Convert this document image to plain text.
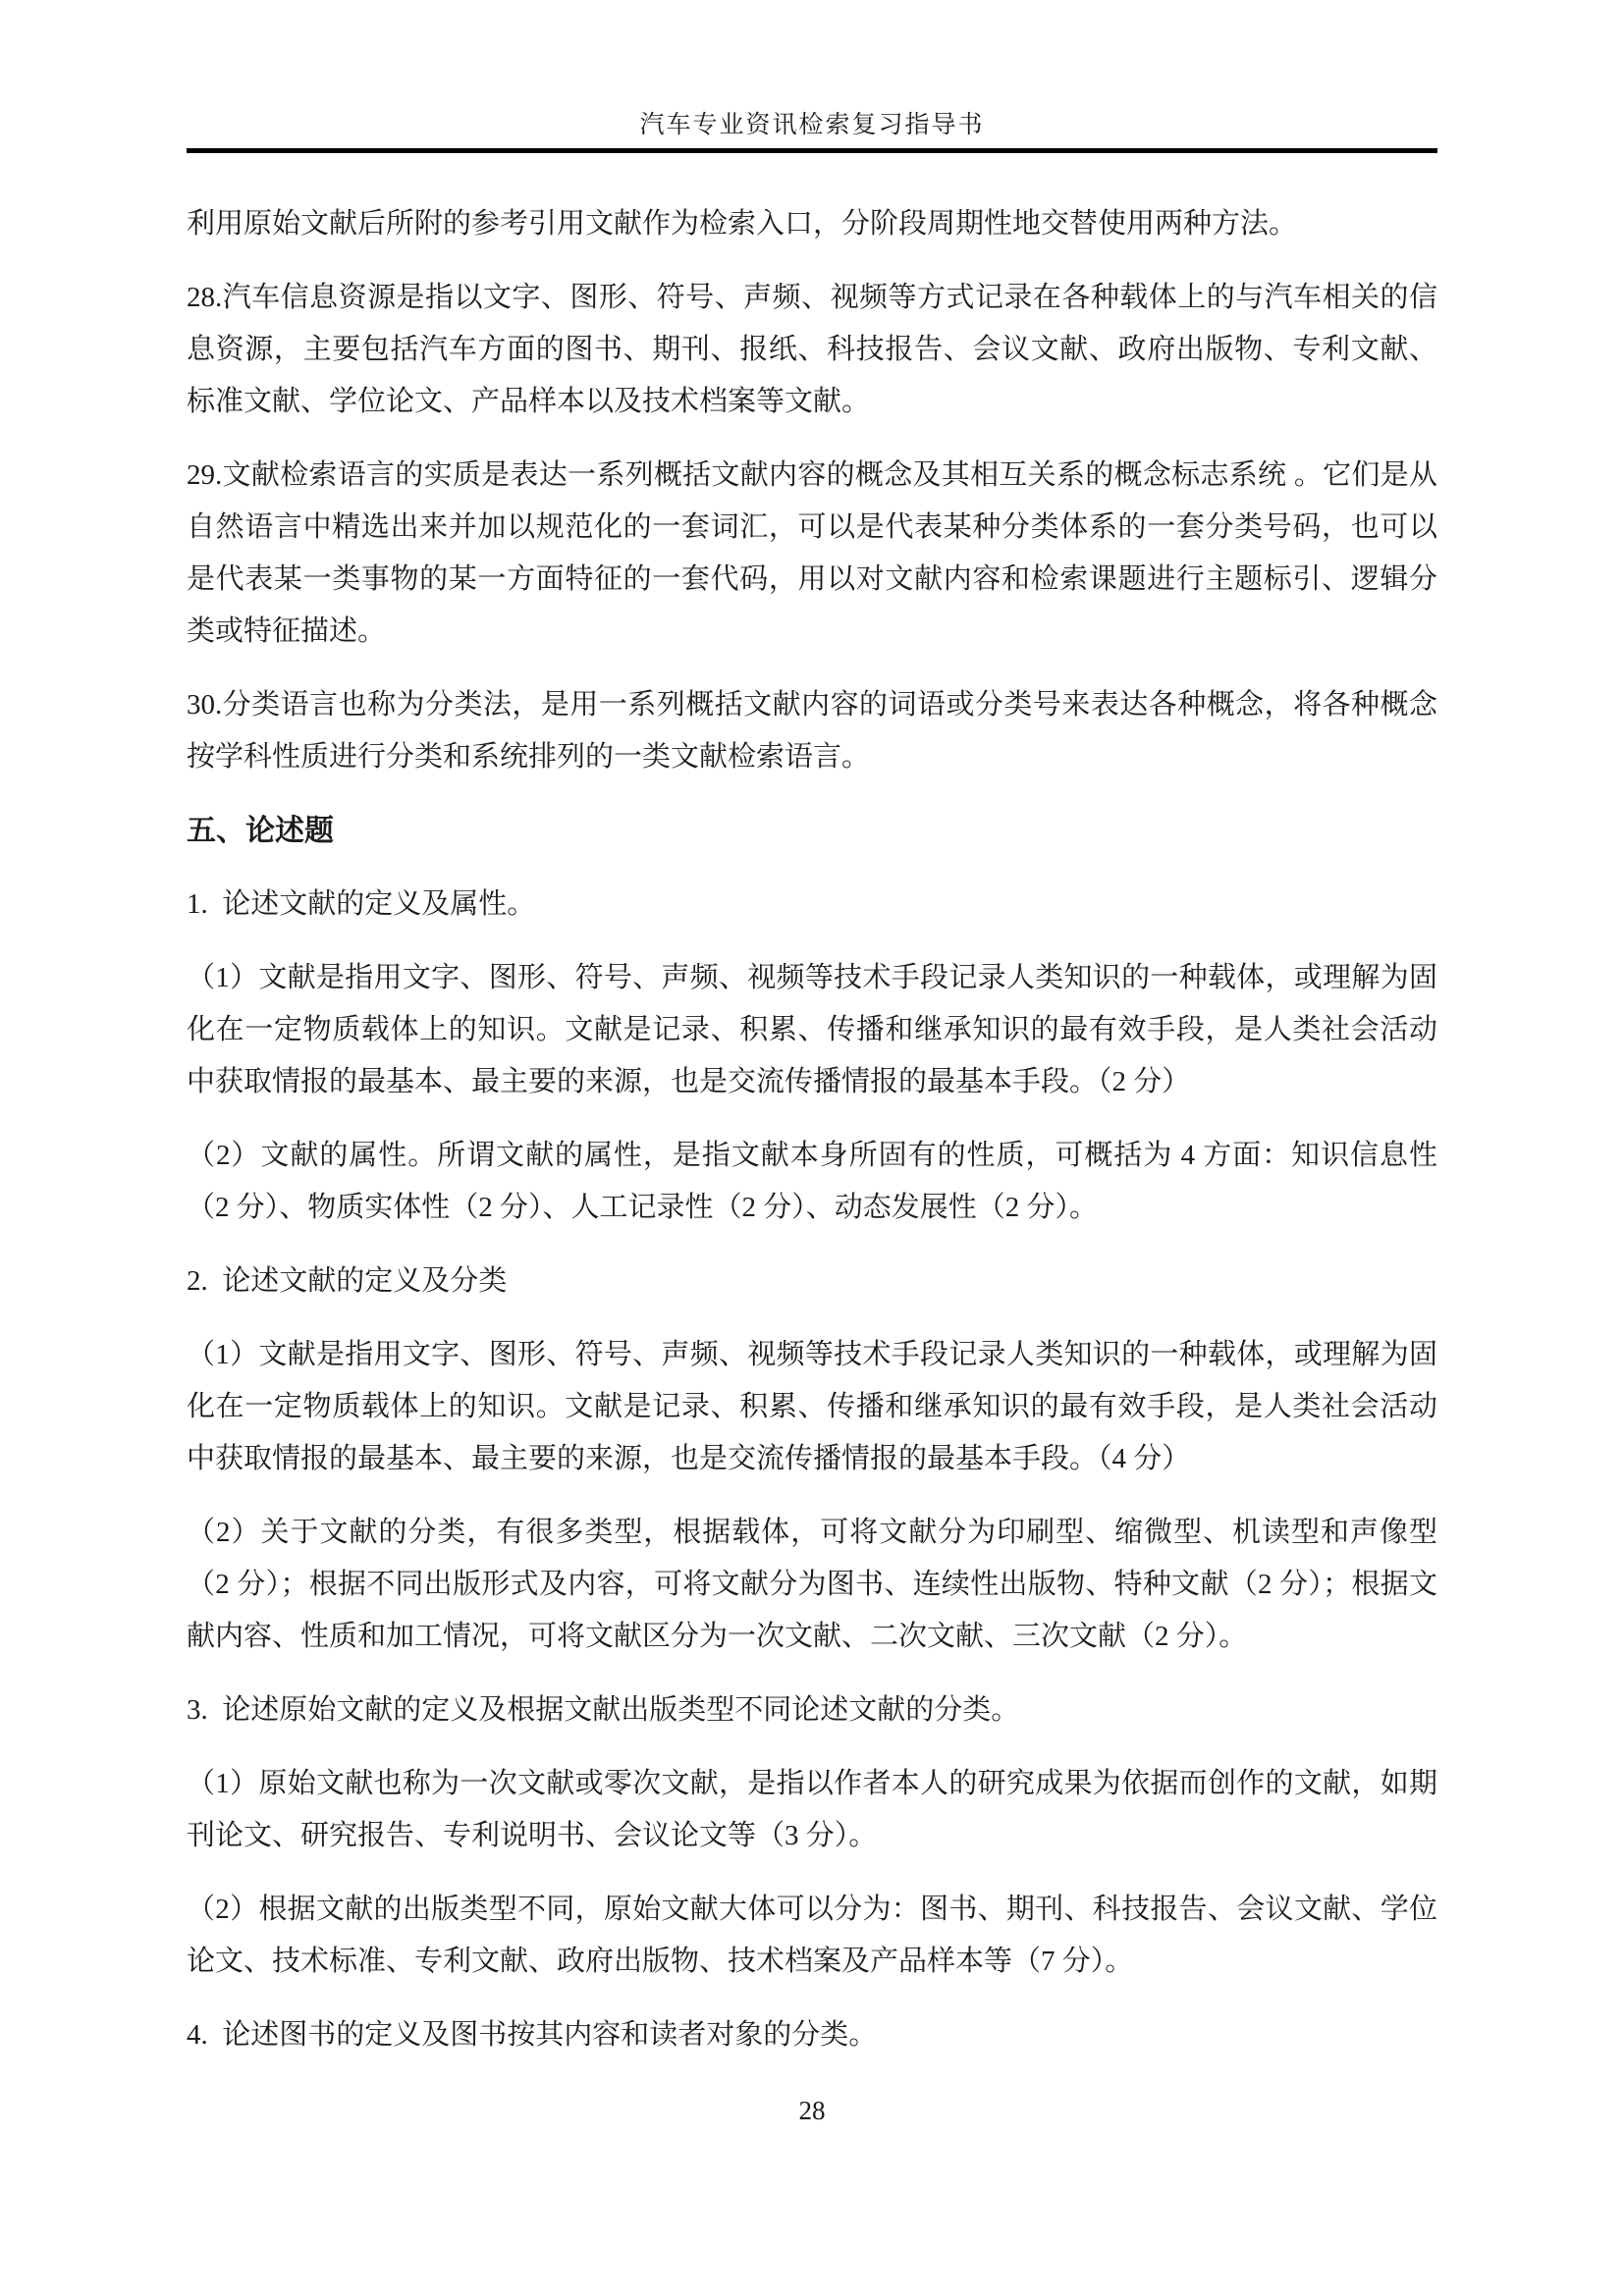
汽车专业资讯检索复习指导书

利用原始文献后所附的参考引用文献作为检索入口，分阶段周期性地交替使用两种方法。

28.汽车信息资源是指以文字、图形、符号、声频、视频等方式记录在各种载体上的与汽车相关的信息资源，主要包括汽车方面的图书、期刊、报纸、科技报告、会议文献、政府出版物、专利文献、标准文献、学位论文、产品样本以及技术档案等文献。

29.文献检索语言的实质是表达一系列概括文献内容的概念及其相互关系的概念标志系统 。它们是从自然语言中精选出来并加以规范化的一套词汇，可以是代表某种分类体系的一套分类号码，也可以是代表某一类事物的某一方面特征的一套代码，用以对文献内容和检索课题进行主题标引、逻辑分类或特征描述。

30.分类语言也称为分类法，是用一系列概括文献内容的词语或分类号来表达各种概念，将各种概念按学科性质进行分类和系统排列的一类文献检索语言。

五、论述题

1. 论述文献的定义及属性。

（1）文献是指用文字、图形、符号、声频、视频等技术手段记录人类知识的一种载体，或理解为固化在一定物质载体上的知识。文献是记录、积累、传播和继承知识的最有效手段，是人类社会活动中获取情报的最基本、最主要的来源，也是交流传播情报的最基本手段。（2 分）

（2）文献的属性。所谓文献的属性，是指文献本身所固有的性质，可概括为 4 方面：知识信息性（2 分）、物质实体性（2 分）、人工记录性（2 分）、动态发展性（2 分）。

2. 论述文献的定义及分类

（1）文献是指用文字、图形、符号、声频、视频等技术手段记录人类知识的一种载体，或理解为固化在一定物质载体上的知识。文献是记录、积累、传播和继承知识的最有效手段，是人类社会活动中获取情报的最基本、最主要的来源，也是交流传播情报的最基本手段。（4 分）

（2）关于文献的分类，有很多类型，根据载体，可将文献分为印刷型、缩微型、机读型和声像型（2 分）；根据不同出版形式及内容，可将文献分为图书、连续性出版物、特种文献（2 分）；根据文献内容、性质和加工情况，可将文献区分为一次文献、二次文献、三次文献（2 分）。

3. 论述原始文献的定义及根据文献出版类型不同论述文献的分类。

（1）原始文献也称为一次文献或零次文献，是指以作者本人的研究成果为依据而创作的文献，如期刊论文、研究报告、专利说明书、会议论文等（3 分）。

（2）根据文献的出版类型不同，原始文献大体可以分为：图书、期刊、科技报告、会议文献、学位论文、技术标准、专利文献、政府出版物、技术档案及产品样本等（7 分）。

4. 论述图书的定义及图书按其内容和读者对象的分类。

28
